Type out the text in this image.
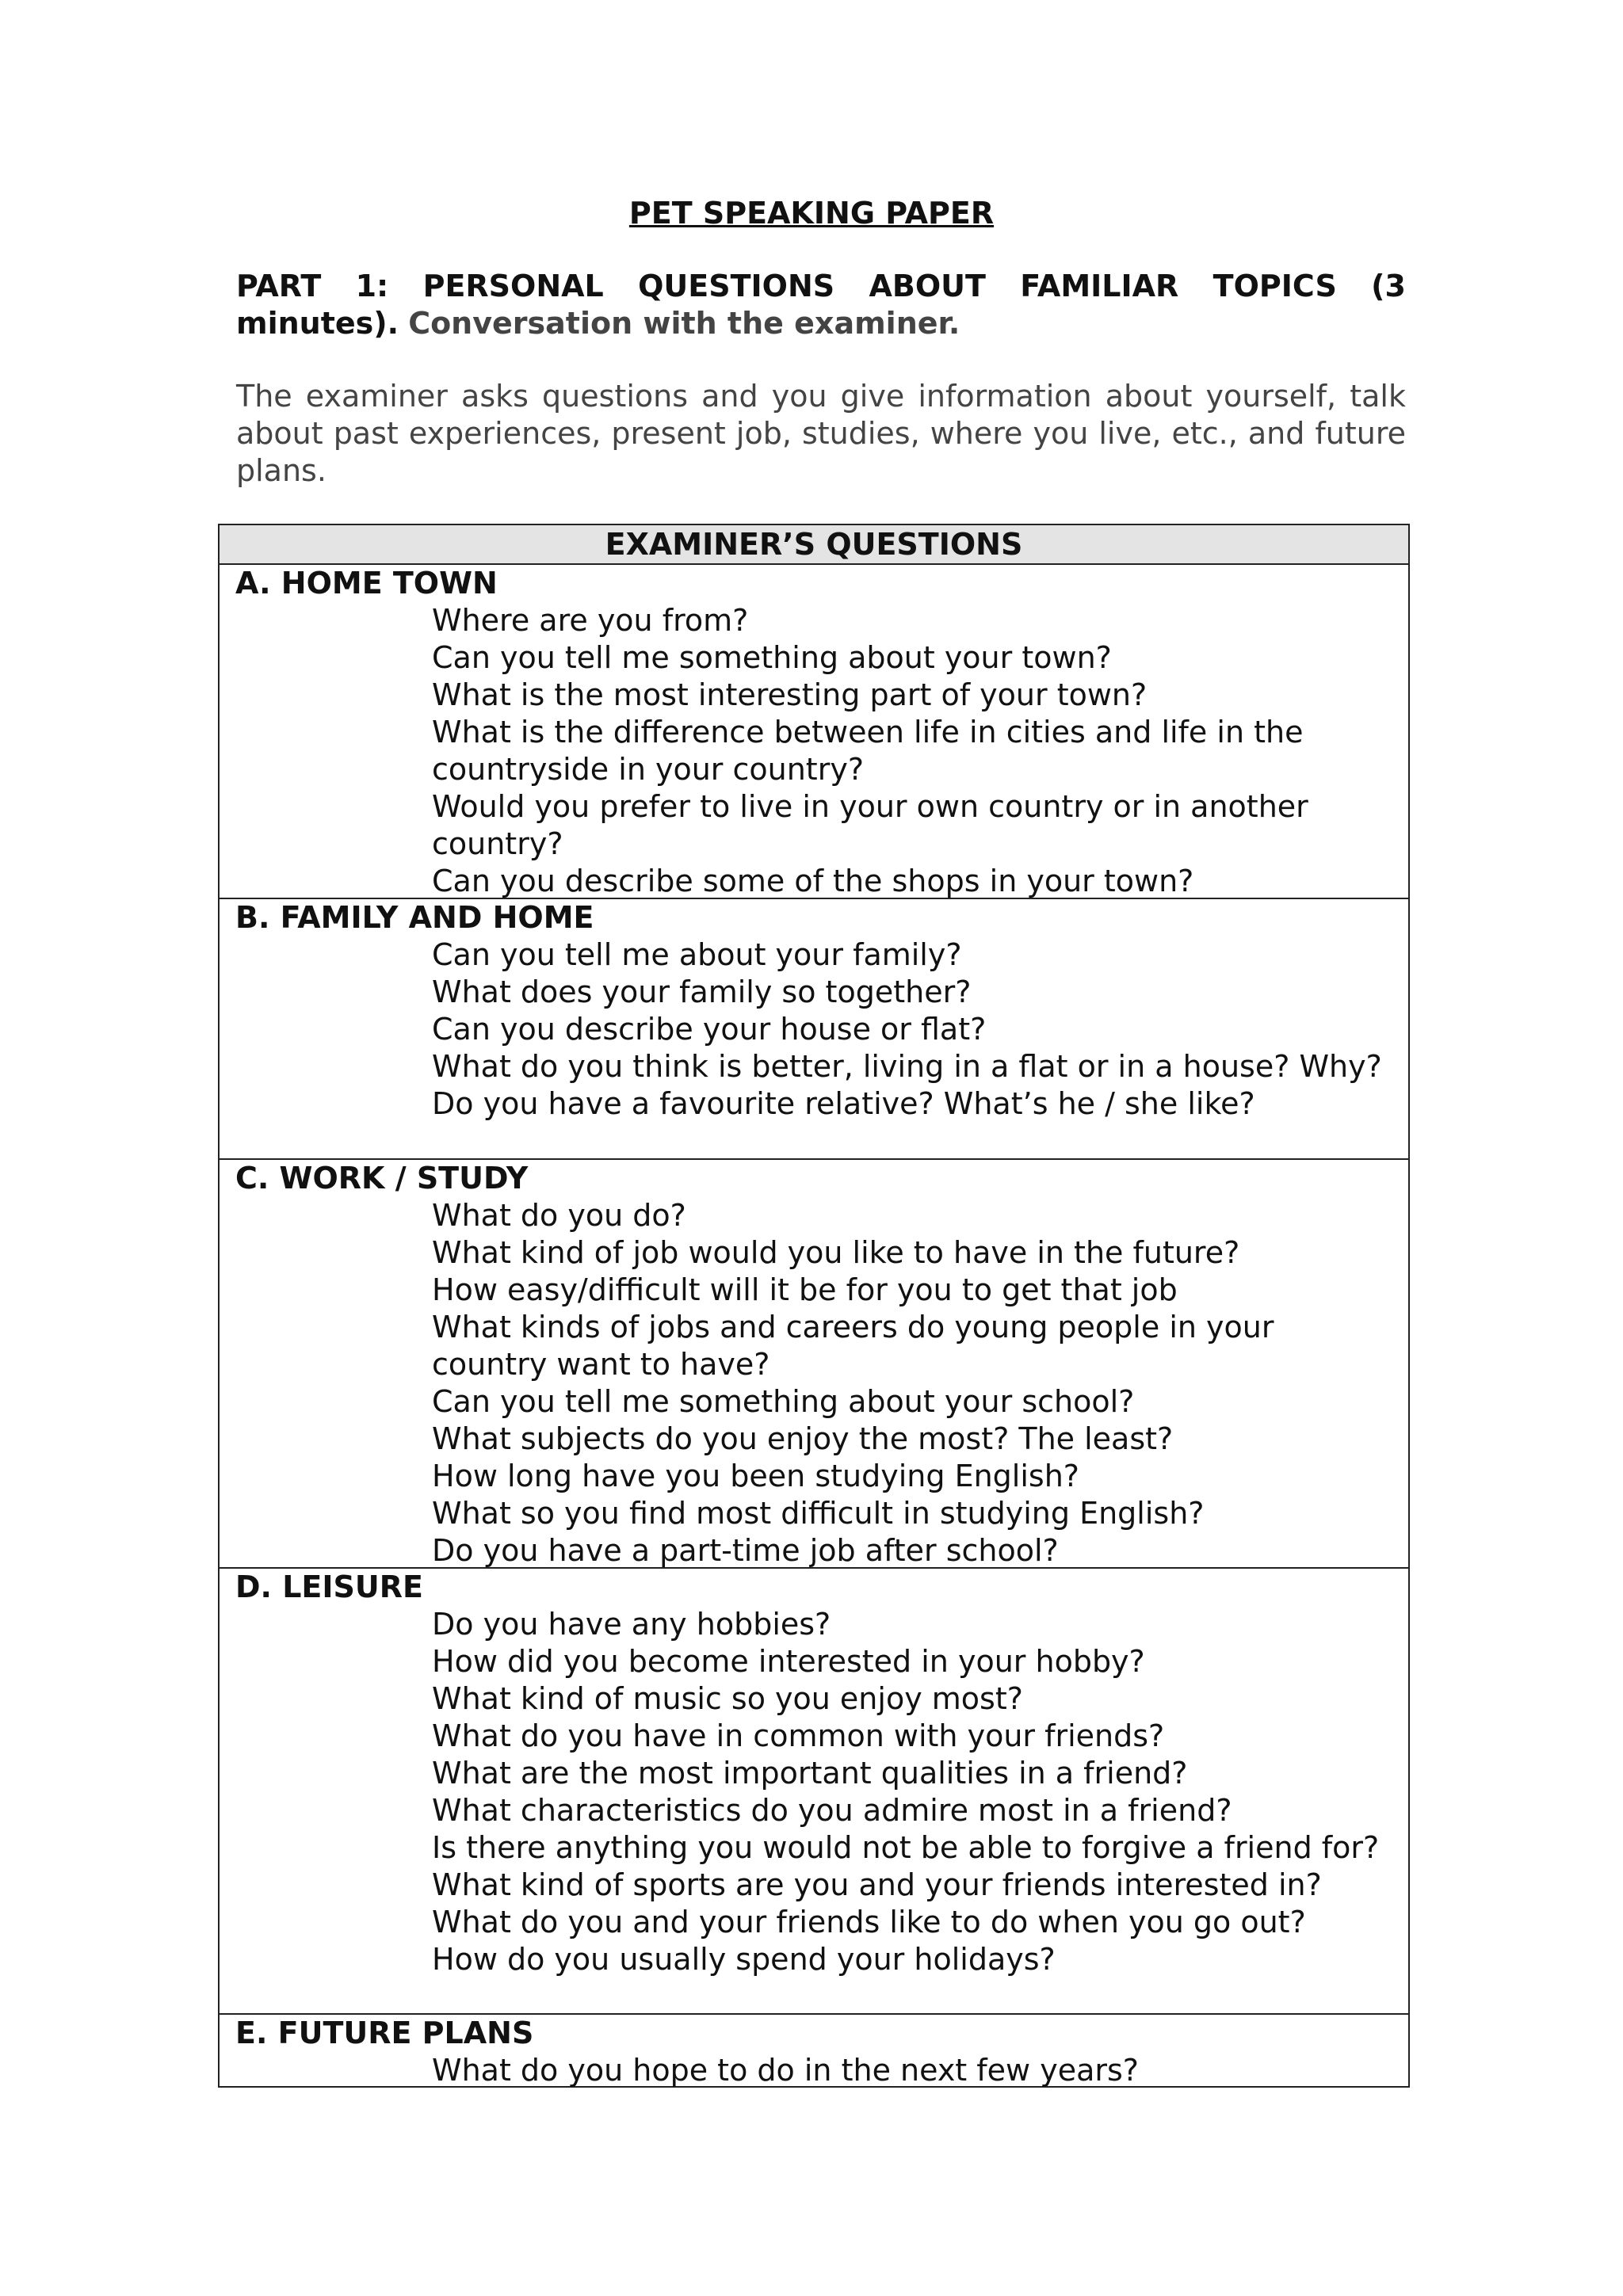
PET SPEAKING PAPER
PART 1: PERSONAL QUESTIONS ABOUT FAMILIAR TOPICS (3 minutes). Conversation with the examiner.
The examiner asks questions and you give information about yourself, talk about past experiences, present job, studies, where you live, etc., and future plans.
EXAMINER’S QUESTIONS
A. HOME TOWN
Where are you from?
Can you tell me something about your town?
What is the most interesting part of your town?
What is the difference between life in cities and life in the countryside in your country?
Would you prefer to live in your own country or in another country?
Can you describe some of the shops in your town?
B. FAMILY AND HOME
Can you tell me about your family?
What does your family so together?
Can you describe your house or flat?
What do you think is better, living in a flat or in a house? Why?
Do you have a favourite relative? What’s he / she like?
C. WORK / STUDY
What do you do?
What kind of job would you like to have in the future?
How easy/difficult will it be for you to get that job
What kinds of jobs and careers do young people in your country want to have?
Can you tell me something about your school?
What subjects do you enjoy the most? The least?
How long have you been studying English?
What so you find most difficult in studying English?
Do you have a part-time job after school?
D. LEISURE
Do you have any hobbies?
How did you become interested in your hobby?
What kind of music so you enjoy most?
What do you have in common with your friends?
What are the most important qualities in a friend?
What characteristics do you admire most in a friend?
Is there anything you would not be able to forgive a friend for?
What kind of sports are you and your friends interested in?
What do you and your friends like to do when you go out?
How do you usually spend your holidays?
E. FUTURE PLANS
What do you hope to do in the next few years?
